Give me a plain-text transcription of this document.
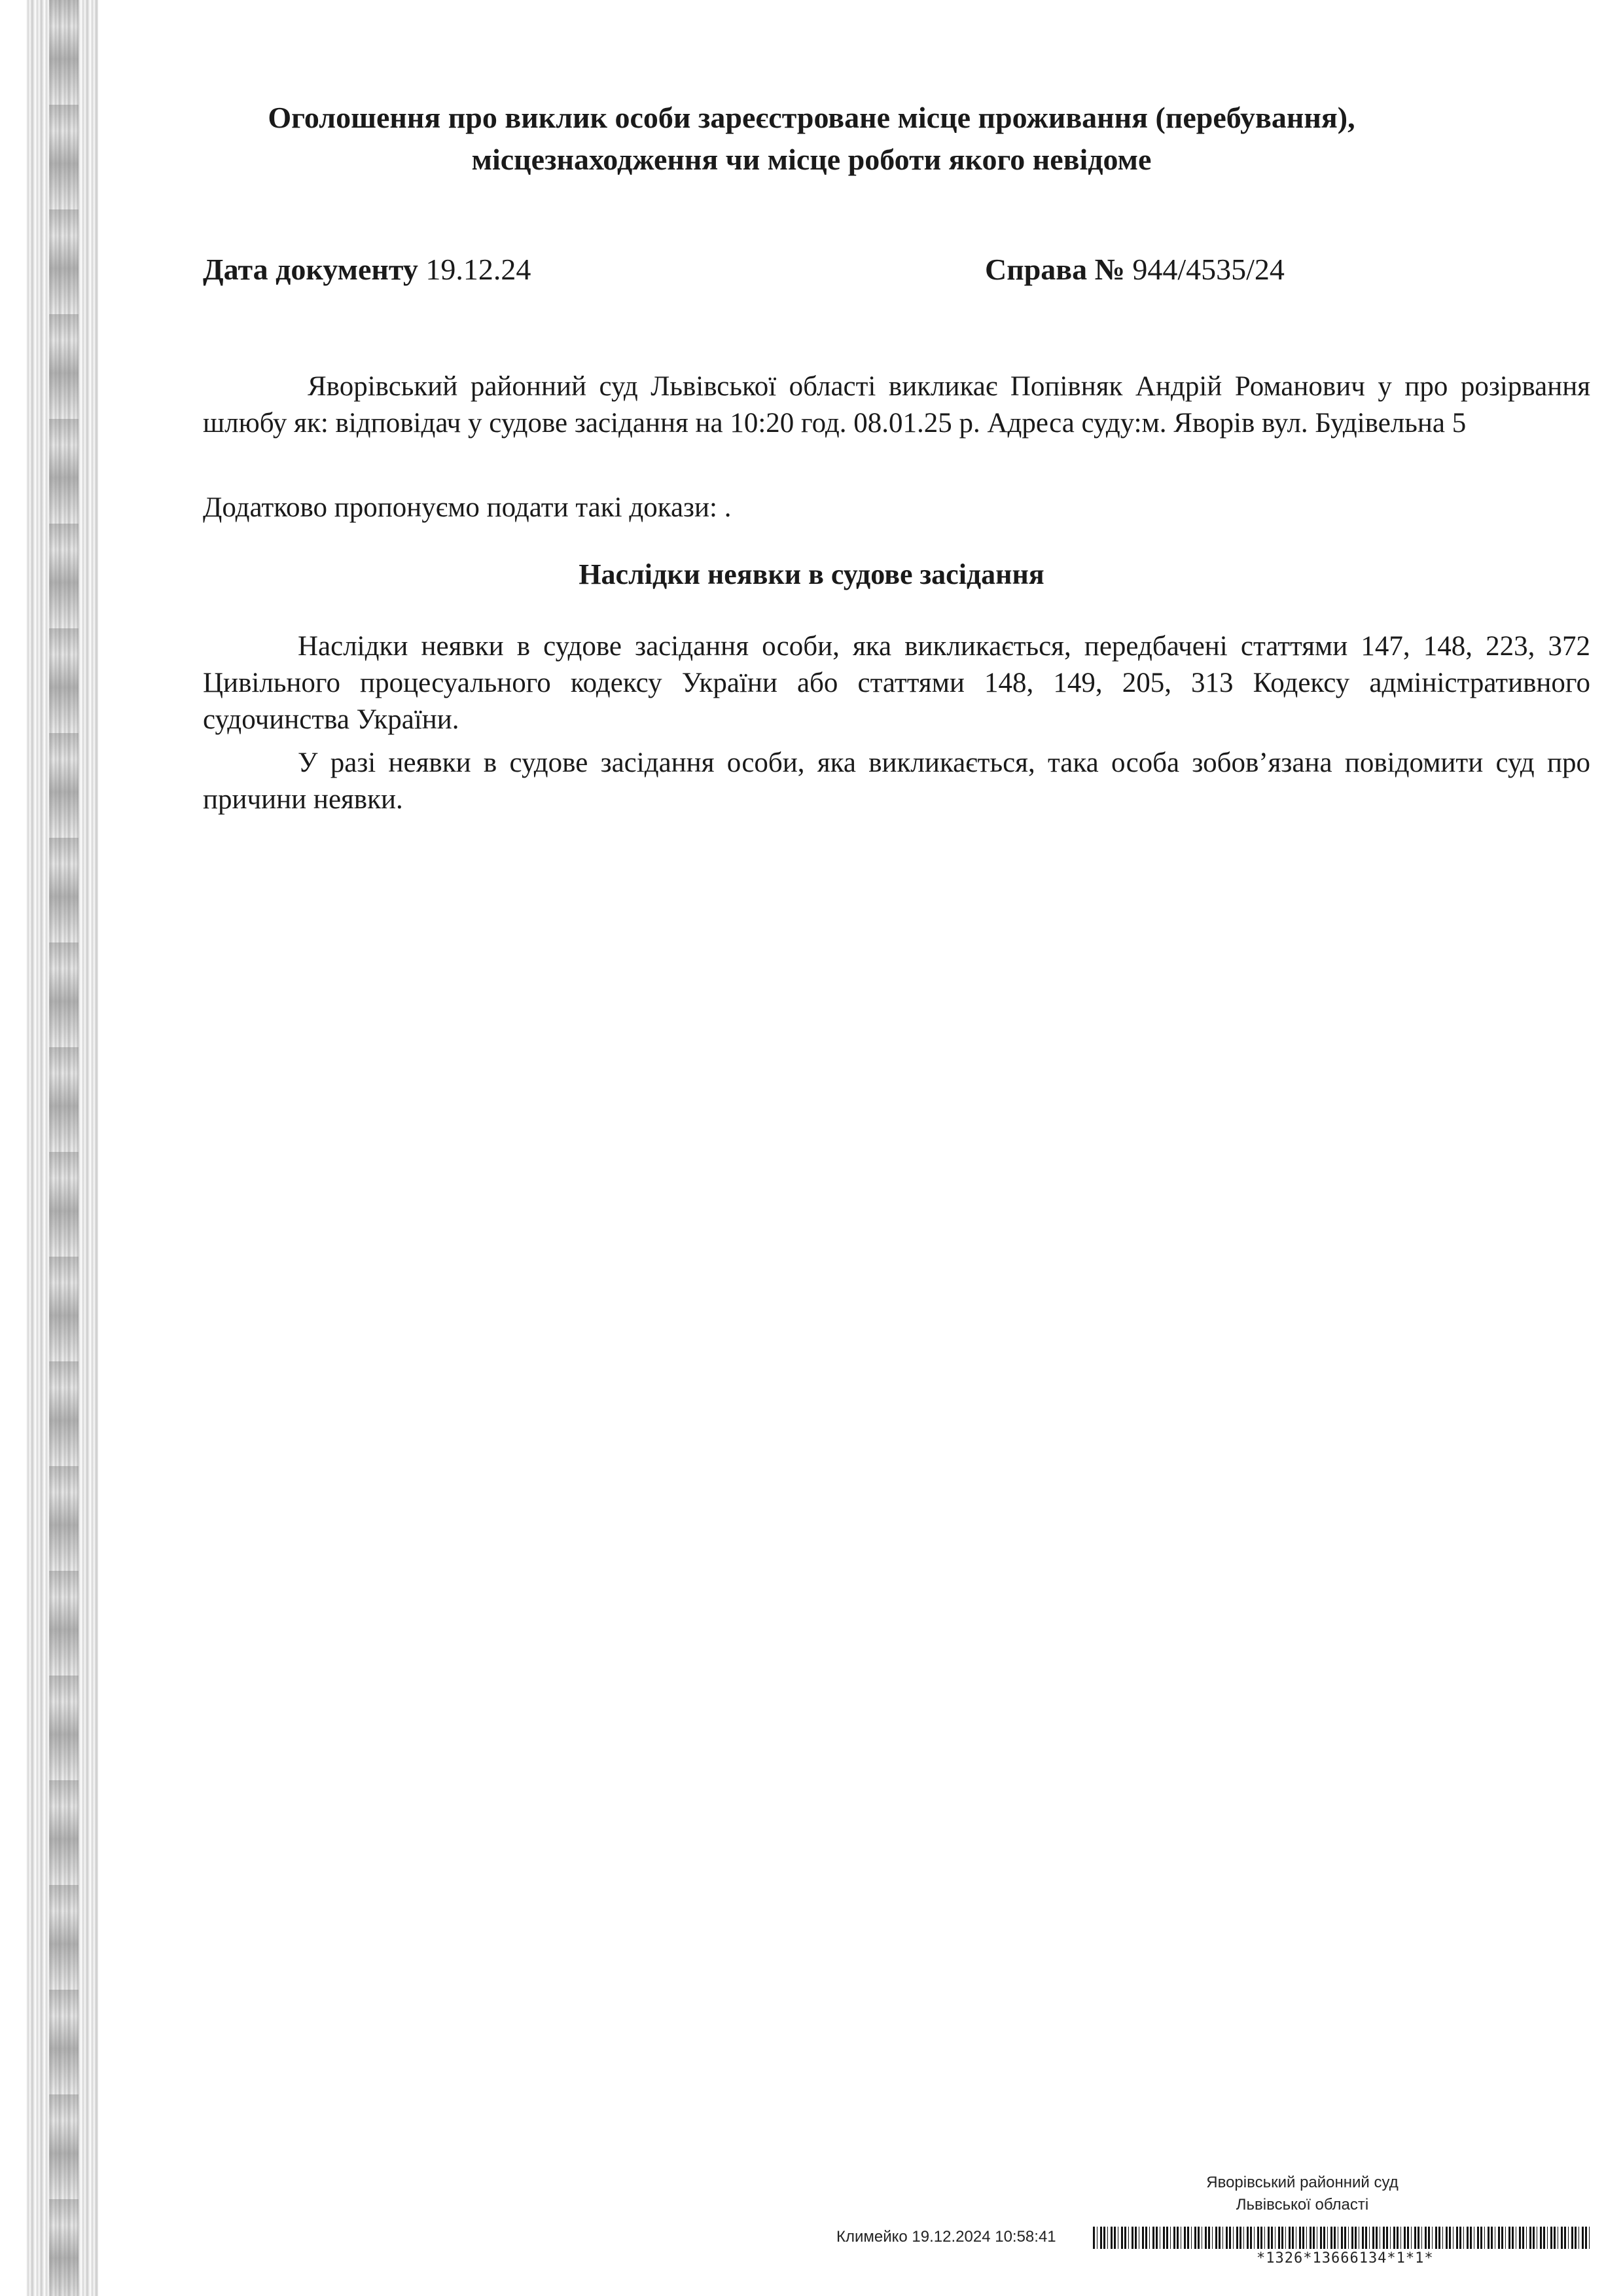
Оголошення про виклик особи зареєстроване місце проживання (перебування),
місцезнаходження чи місце роботи якого невідоме
Дата документу 19.12.24	Справа № 944/4535/24
Яворівський районний суд Львівської області викликає Попівняк Андрій Романович у про розірвання шлюбу як: відповідач у судове засідання на 10:20 год. 08.01.25 р. Адреса суду:м. Яворів вул. Будівельна 5
Додатково пропонуємо подати такі докази: .
Наслідки неявки в судове засідання
Наслідки неявки в судове засідання особи, яка викликається, передбачені статтями 147, 148, 223, 372 Цивільного процесуального кодексу України або статтями 148, 149, 205, 313 Кодексу адміністративного судочинства України.
У разі неявки в судове засідання особи, яка викликається, така особа зобов’язана повідомити суд про причини неявки.
Яворівський районний суд
Львівської області
Климейко 19.12.2024 10:58:41
*1326*13666134*1*1*
